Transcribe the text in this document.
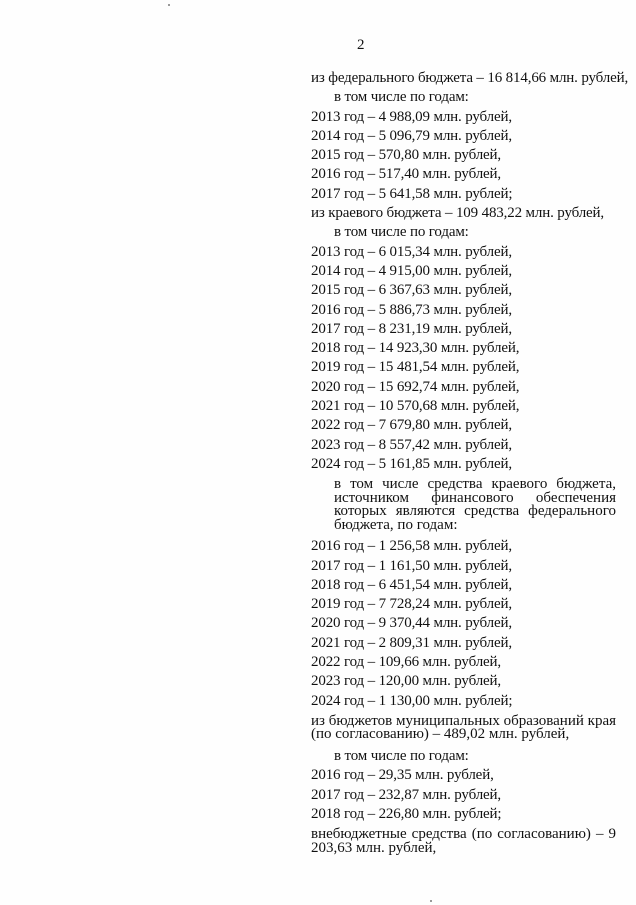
2
из федерального бюджета – 16 814,66 млн. рублей,
в том числе по годам:
2013 год – 4 988,09 млн. рублей,
2014 год – 5 096,79 млн. рублей,
2015 год – 570,80 млн. рублей,
2016 год – 517,40 млн. рублей,
2017 год – 5 641,58 млн. рублей;
из краевого бюджета – 109 483,22 млн. рублей,
в том числе по годам:
2013 год – 6 015,34 млн. рублей,
2014 год – 4 915,00 млн. рублей,
2015 год – 6 367,63 млн. рублей,
2016 год – 5 886,73 млн. рублей,
2017 год – 8 231,19 млн. рублей,
2018 год – 14 923,30 млн. рублей,
2019 год – 15 481,54 млн. рублей,
2020 год – 15 692,74 млн. рублей,
2021 год – 10 570,68 млн. рублей,
2022 год – 7 679,80 млн. рублей,
2023 год – 8 557,42 млн. рублей,
2024 год – 5 161,85 млн. рублей,
в том числе средства краевого бюджета, источником финансового обеспечения которых являются средства федерального бюджета, по годам:
2016 год – 1 256,58 млн. рублей,
2017 год – 1 161,50 млн. рублей,
2018 год – 6 451,54 млн. рублей,
2019 год – 7 728,24 млн. рублей,
2020 год – 9 370,44 млн. рублей,
2021 год – 2 809,31 млн. рублей,
2022 год – 109,66 млн. рублей,
2023 год – 120,00 млн. рублей,
2024 год – 1 130,00 млн. рублей;
из бюджетов муниципальных образований края (по согласованию) – 489,02 млн. рублей,
в том числе по годам:
2016 год – 29,35 млн. рублей,
2017 год – 232,87 млн. рублей,
2018 год – 226,80 млн. рублей;
внебюджетные средства (по согласованию) – 9 203,63 млн. рублей,
